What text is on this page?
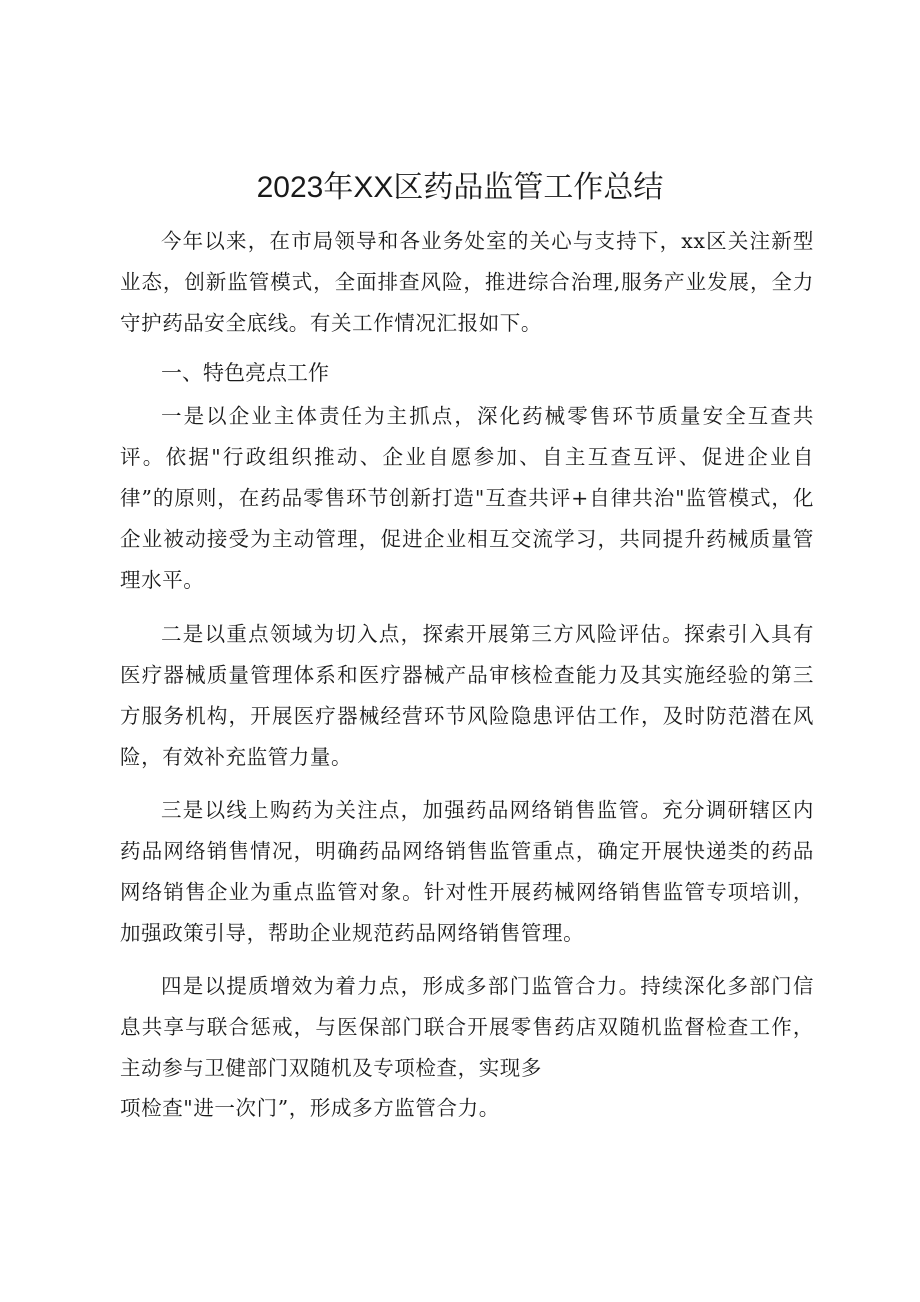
2023年XX区药品监管工作总结

今年以来，在市局领导和各业务处室的关心与支持下，xx区关注新型业态，创新监管模式，全面排查风险，推进综合治理,服务产业发展，全力守护药品安全底线。有关工作情况汇报如下。

一、特色亮点工作

一是以企业主体责任为主抓点，深化药械零售环节质量安全互查共评。依据"行政组织推动、企业自愿参加、自主互查互评、促进企业自律”的原则，在药品零售环节创新打造"互查共评+自律共治"监管模式，化企业被动接受为主动管理，促进企业相互交流学习，共同提升药械质量管理水平。

二是以重点领域为切入点，探索开展第三方风险评估。探索引入具有医疗器械质量管理体系和医疗器械产品审核检查能力及其实施经验的第三方服务机构，开展医疗器械经营环节风险隐患评估工作，及时防范潜在风险，有效补充监管力量。

三是以线上购药为关注点，加强药品网络销售监管。充分调研辖区内药品网络销售情况，明确药品网络销售监管重点，确定开展快递类的药品网络销售企业为重点监管对象。针对性开展药械网络销售监管专项培训，加强政策引导，帮助企业规范药品网络销售管理。

四是以提质增效为着力点，形成多部门监管合力。持续深化多部门信息共享与联合惩戒，与医保部门联合开展零售药店双随机监督检查工作，主动参与卫健部门双随机及专项检查，实现多

项检查"进一次门”，形成多方监管合力。
